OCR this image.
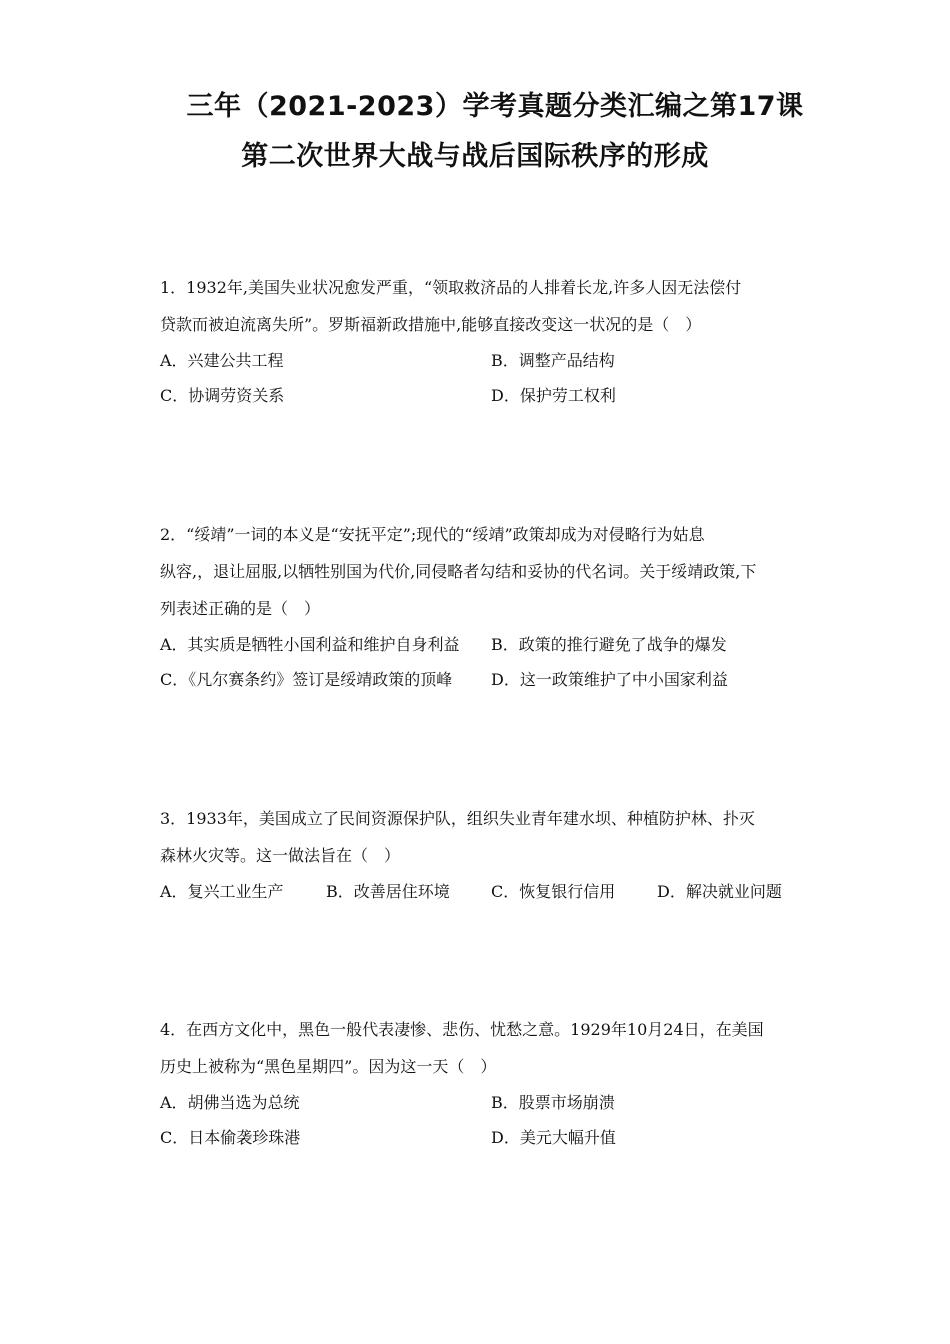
三年（2021-2023）学考真题分类汇编之第17课
第二次世界大战与战后国际秩序的形成
1．1932年,美国失业状况愈发严重，“领取救济品的人排着长龙,许多人因无法偿付
贷款而被迫流离失所”。罗斯福新政措施中,能够直接改变这一状况的是（　）
A．兴建公共工程	B．调整产品结构
C．协调劳资关系	D．保护劳工权利
2．“绥靖”一词的本义是“安抚平定”;现代的“绥靖”政策却成为对侵略行为姑息
纵容,，退让屈服,以牺牲别国为代价,同侵略者勾结和妥协的代名词。关于绥靖政策,下
列表述正确的是（　）
A．其实质是牺牲小国利益和维护自身利益 B．政策的推行避免了战争的爆发
C．《凡尔赛条约》签订是绥靖政策的顶峰 D．这一政策维护了中小国家利益
3．1933年，美国成立了民间资源保护队，组织失业青年建水坝、种植防护林、扑灭
森林火灾等。这一做法旨在（　）
A．复兴工业生产	B．改善居住环境	C．恢复银行信用	D．解决就业问题
4．在西方文化中，黑色一般代表凄惨、悲伤、忧愁之意。1929年10月24日，在美国
历史上被称为“黑色星期四”。因为这一天（　）
A．胡佛当选为总统	B．股票市场崩溃
C．日本偷袭珍珠港	D．美元大幅升值
